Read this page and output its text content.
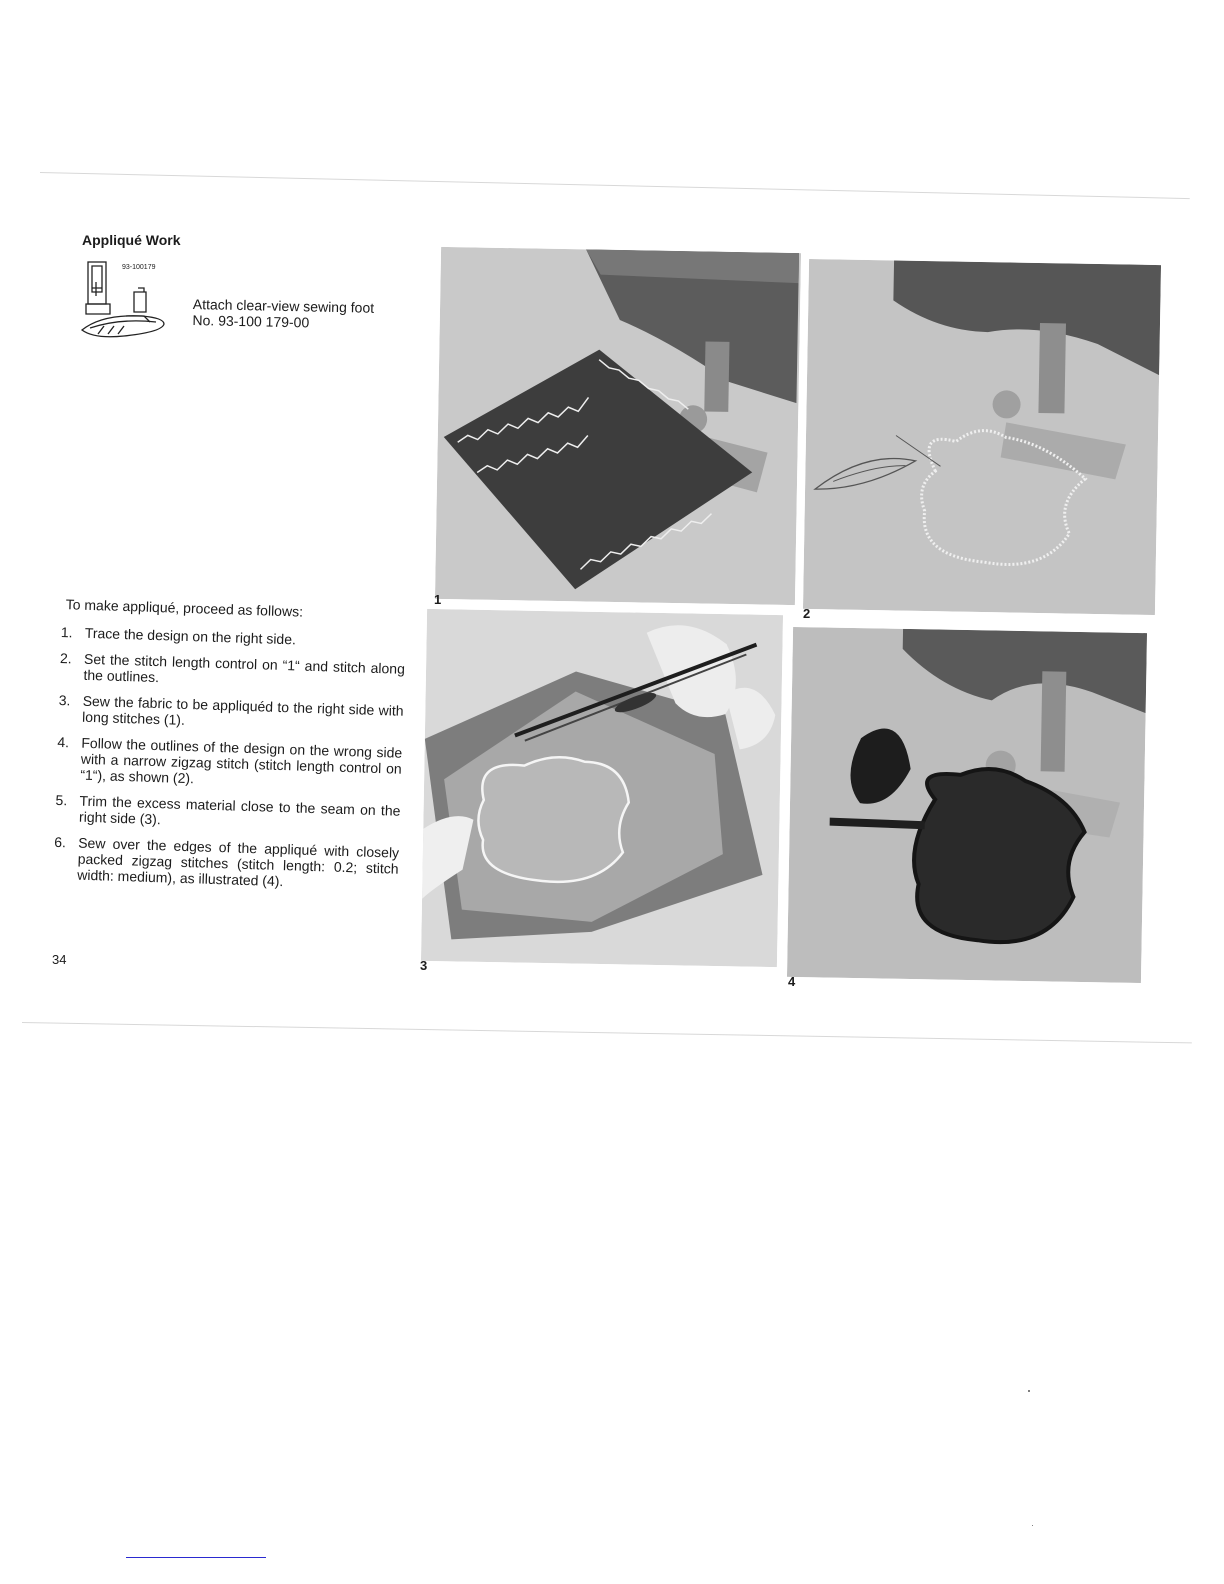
Appliqué Work
93-100179
Attach clear-view sewing foot
No. 93-100 179-00

To make appliqué, proceed as follows:

1. Trace the design on the right side.
2. Set the stitch length control on “1“ and stitch along the outlines.
3. Sew the fabric to be appliquéd to the right side with long stitches (1).
4. Follow the outlines of the design on the wrong side with a narrow zigzag stitch (stitch length control on “1“), as shown (2).
5. Trim the excess material close to the seam on the right side (3).
6. Sew over the edges of the appliqué with closely packed zigzag stitches (stitch length: 0.2; stitch width: medium), as illustrated (4).
34
1
2
3
4
